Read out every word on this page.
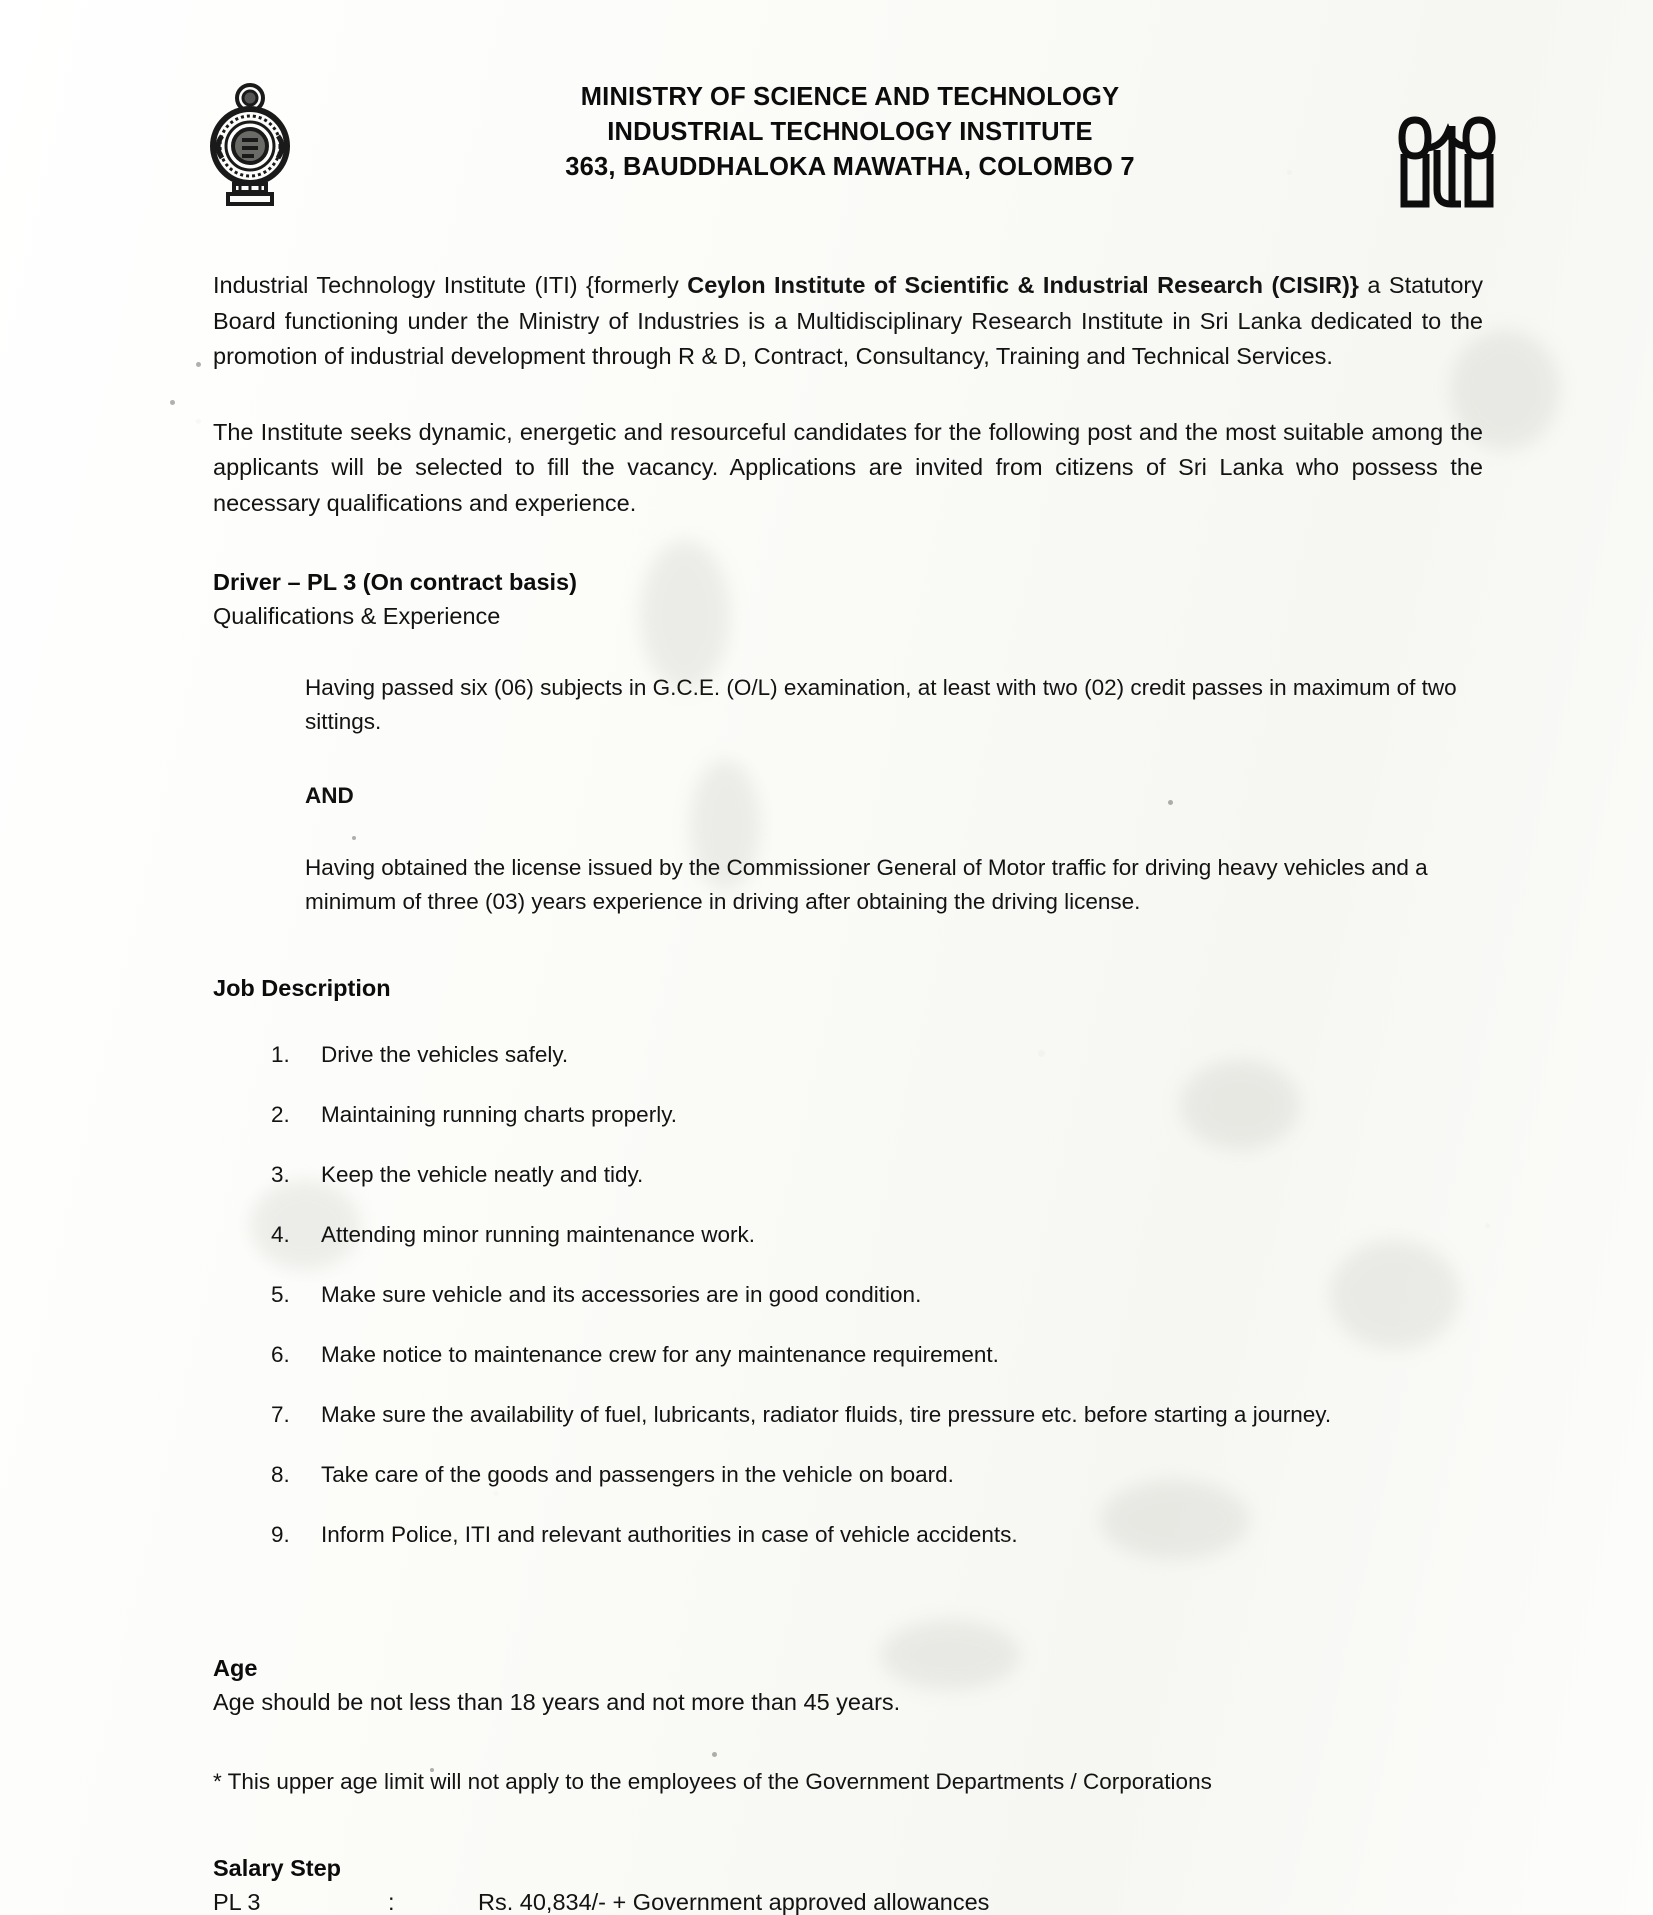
MINISTRY OF SCIENCE AND TECHNOLOGY
INDUSTRIAL TECHNOLOGY INSTITUTE
363, BAUDDHALOKA MAWATHA, COLOMBO 7

Industrial Technology Institute (ITI) {formerly Ceylon Institute of Scientific & Industrial Research (CISIR)} a Statutory Board functioning under the Ministry of Industries is a Multidisciplinary Research Institute in Sri Lanka dedicated to the promotion of industrial development through R & D, Contract, Consultancy, Training and Technical Services.

The Institute seeks dynamic, energetic and resourceful candidates for the following post and the most suitable among the applicants will be selected to fill the vacancy. Applications are invited from citizens of Sri Lanka who possess the necessary qualifications and experience.

Driver – PL 3 (On contract basis)
Qualifications & Experience

Having passed six (06) subjects in G.C.E. (O/L) examination, at least with two (02) credit passes in maximum of two sittings.

AND

Having obtained the license issued by the Commissioner General of Motor traffic for driving heavy vehicles and a minimum of three (03) years experience in driving after obtaining the driving license.

Job Description
1.	Drive the vehicles safely.
2.	Maintaining running charts properly.
3.	Keep the vehicle neatly and tidy.
4.	Attending minor running maintenance work.
5.	Make sure vehicle and its accessories are in good condition.
6.	Make notice to maintenance crew for any maintenance requirement.
7.	Make sure the availability of fuel, lubricants, radiator fluids, tire pressure etc. before starting a journey.
8.	Take care of the goods and passengers in the vehicle on board.
9.	Inform Police, ITI and relevant authorities in case of vehicle accidents.
Age
Age should be not less than 18 years and not more than 45 years.
* This upper age limit will not apply to the employees of the Government Departments / Corporations
Salary Step
PL 3	:	Rs. 40,834/- + Government approved allowances
